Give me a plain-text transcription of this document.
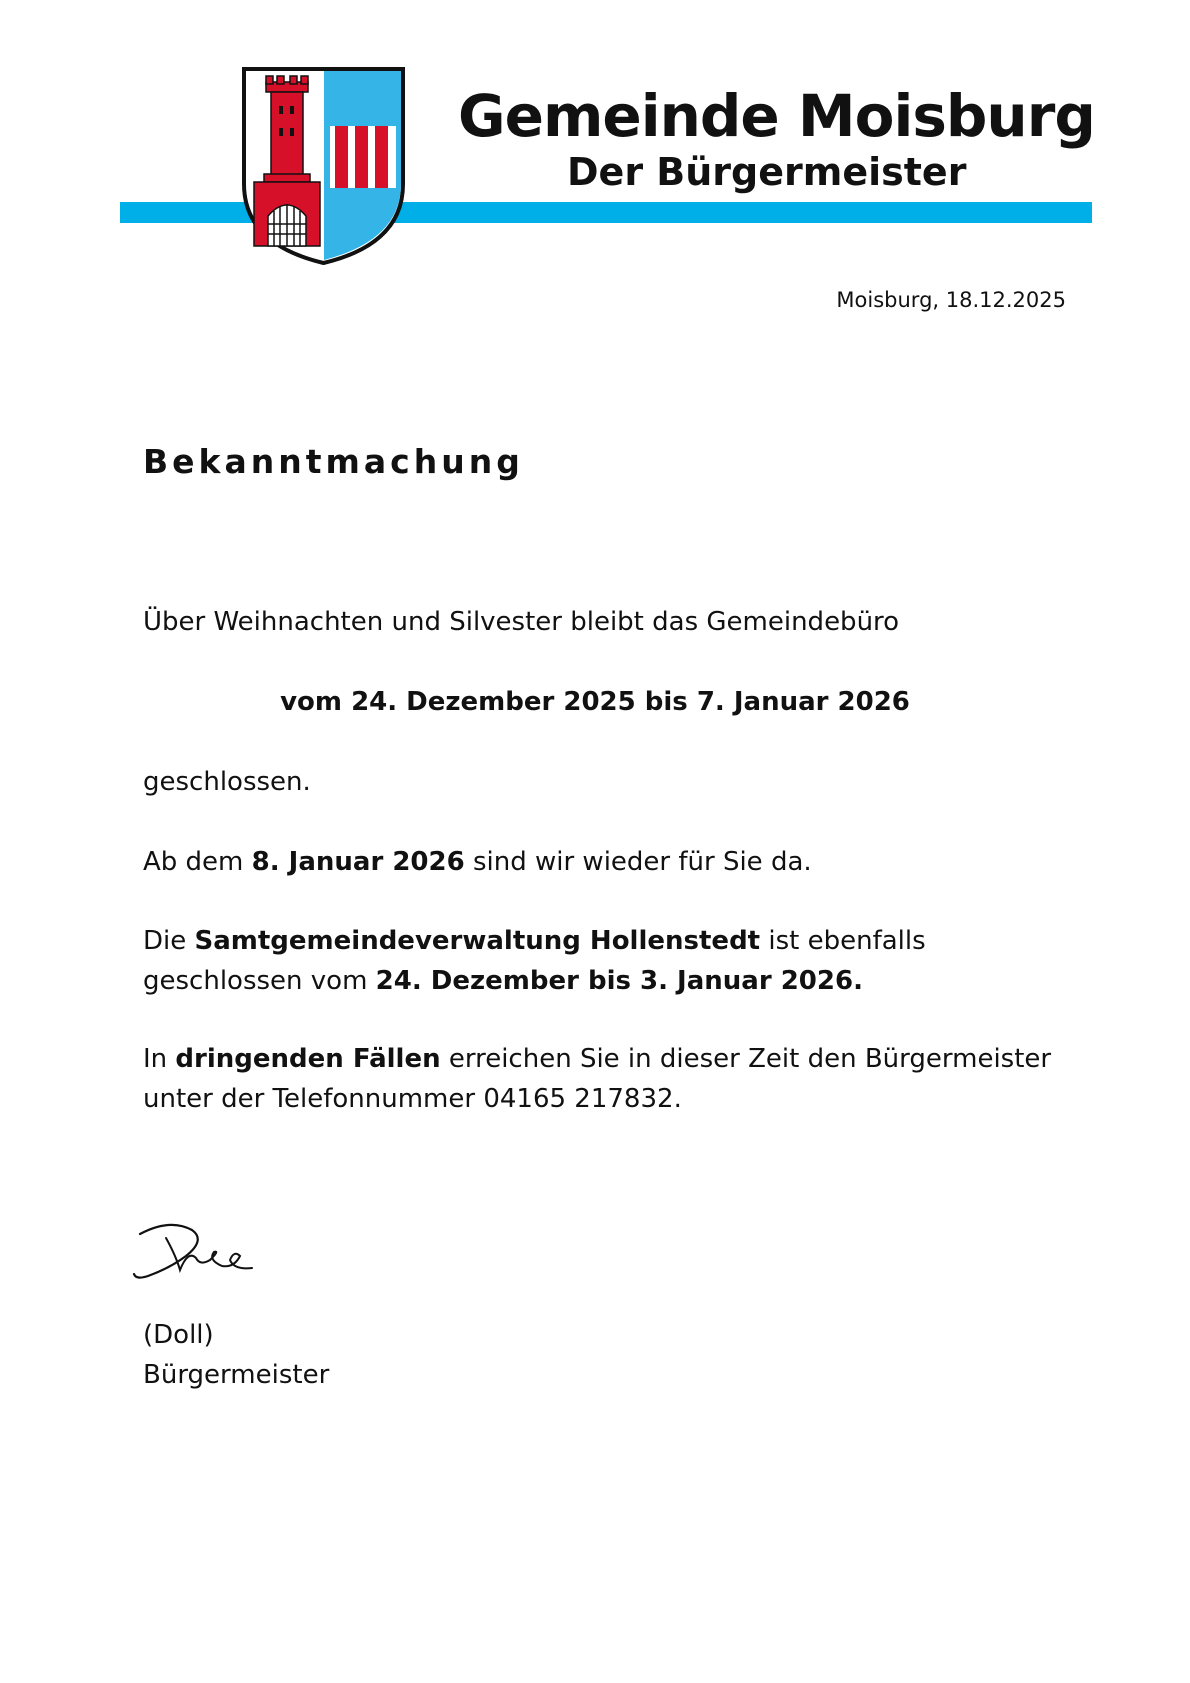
Gemeinde Moisburg
Der Bürgermeister
Moisburg, 18.12.2025
Bekanntmachung
Über Weihnachten und Silvester bleibt das Gemeindebüro
vom 24. Dezember 2025 bis 7. Januar 2026
geschlossen.
Ab dem 8. Januar 2026 sind wir wieder für Sie da.
Die Samtgemeindeverwaltung Hollenstedt ist ebenfalls geschlossen vom 24. Dezember bis 3. Januar 2026.
In dringenden Fällen erreichen Sie in dieser Zeit den Bürgermeister unter der Telefonnummer 04165 217832.
(Doll)
Bürgermeister
